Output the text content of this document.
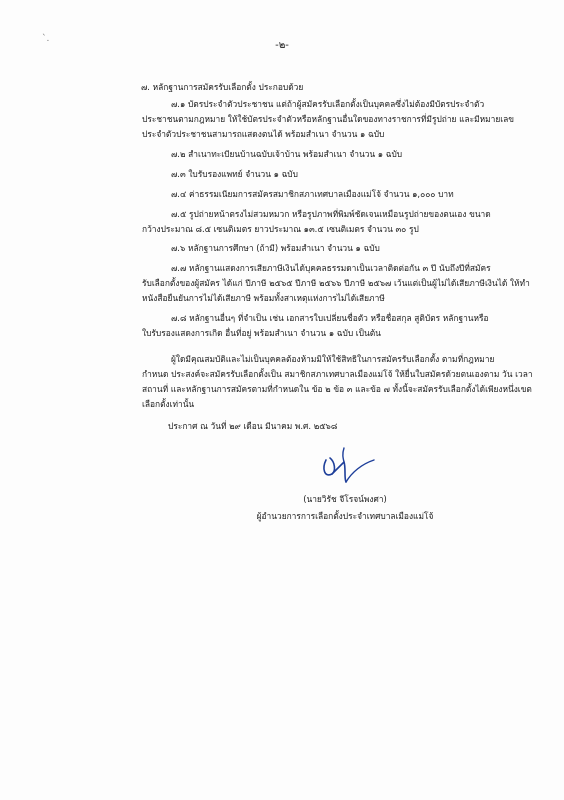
`.
-๒-
๗. หลักฐานการสมัครรับเลือกตั้ง ประกอบด้วย
๗.๑ บัตรประจำตัวประชาชน แต่ถ้าผู้สมัครรับเลือกตั้งเป็นบุคคลซึ่งไม่ต้องมีบัตรประจำตัว
ประชาชนตามกฎหมาย ให้ใช้บัตรประจำตัวหรือหลักฐานอื่นใดของทางราชการที่มีรูปถ่าย และมีหมายเลข
ประจำตัวประชาชนสามารถแสดงตนได้ พร้อมสำเนา จำนวน ๑ ฉบับ
๗.๒ สำเนาทะเบียนบ้านฉบับเจ้าบ้าน พร้อมสำเนา จำนวน ๑ ฉบับ
๗.๓ ใบรับรองแพทย์ จำนวน ๑ ฉบับ
๗.๔ ค่าธรรมเนียมการสมัครสมาชิกสภาเทศบาลเมืองแม่โจ้ จำนวน ๑,๐๐๐ บาท
๗.๕ รูปถ่ายหน้าตรงไม่สวมหมวก หรือรูปภาพที่พิมพ์ชัดเจนเหมือนรูปถ่ายของตนเอง ขนาด
กว้างประมาณ ๘.๕ เซนติเมตร ยาวประมาณ ๑๓.๕ เซนติเมตร จำนวน ๓๐ รูป
๗.๖ หลักฐานการศึกษา (ถ้ามี) พร้อมสำเนา จำนวน ๑ ฉบับ
๗.๗ หลักฐานแสดงการเสียภาษีเงินได้บุคคลธรรมดาเป็นเวลาติดต่อกัน ๓ ปี นับถึงปีที่สมัคร
รับเลือกตั้งของผู้สมัคร ได้แก่ ปีภาษี ๒๕๖๕ ปีภาษี ๒๕๖๖ ปีภาษี ๒๕๖๗ เว้นแต่เป็นผู้ไม่ได้เสียภาษีเงินได้ ให้ทำ
หนังสือยืนยันการไม่ได้เสียภาษี พร้อมทั้งสาเหตุแห่งการไม่ได้เสียภาษี
๗.๘ หลักฐานอื่นๆ ที่จำเป็น เช่น เอกสารใบเปลี่ยนชื่อตัว หรือชื่อสกุล สูติบัตร หลักฐานหรือ
ใบรับรองแสดงการเกิด อื่นที่อยู่ พร้อมสำเนา จำนวน ๑ ฉบับ เป็นต้น
ผู้ใดมีคุณสมบัติและไม่เป็นบุคคลต้องห้ามมิให้ใช้สิทธิในการสมัครรับเลือกตั้ง ตามที่กฎหมาย
กำหนด ประสงค์จะสมัครรับเลือกตั้งเป็น สมาชิกสภาเทศบาลเมืองแม่โจ้ ให้ยื่นใบสมัครด้วยตนเองตาม วัน เวลา
สถานที่ และหลักฐานการสมัครตามที่กำหนดใน ข้อ ๒ ข้อ ๓ และข้อ ๗ ทั้งนี้จะสมัครรับเลือกตั้งได้เพียงหนึ่งเขต
เลือกตั้งเท่านั้น
ประกาศ ณ วันที่ ๒๙ เดือน มีนาคม พ.ศ. ๒๕๖๘
(นายวิรัช จีโรจน์พงศา)
ผู้อำนวยการการเลือกตั้งประจำเทศบาลเมืองแม่โจ้
